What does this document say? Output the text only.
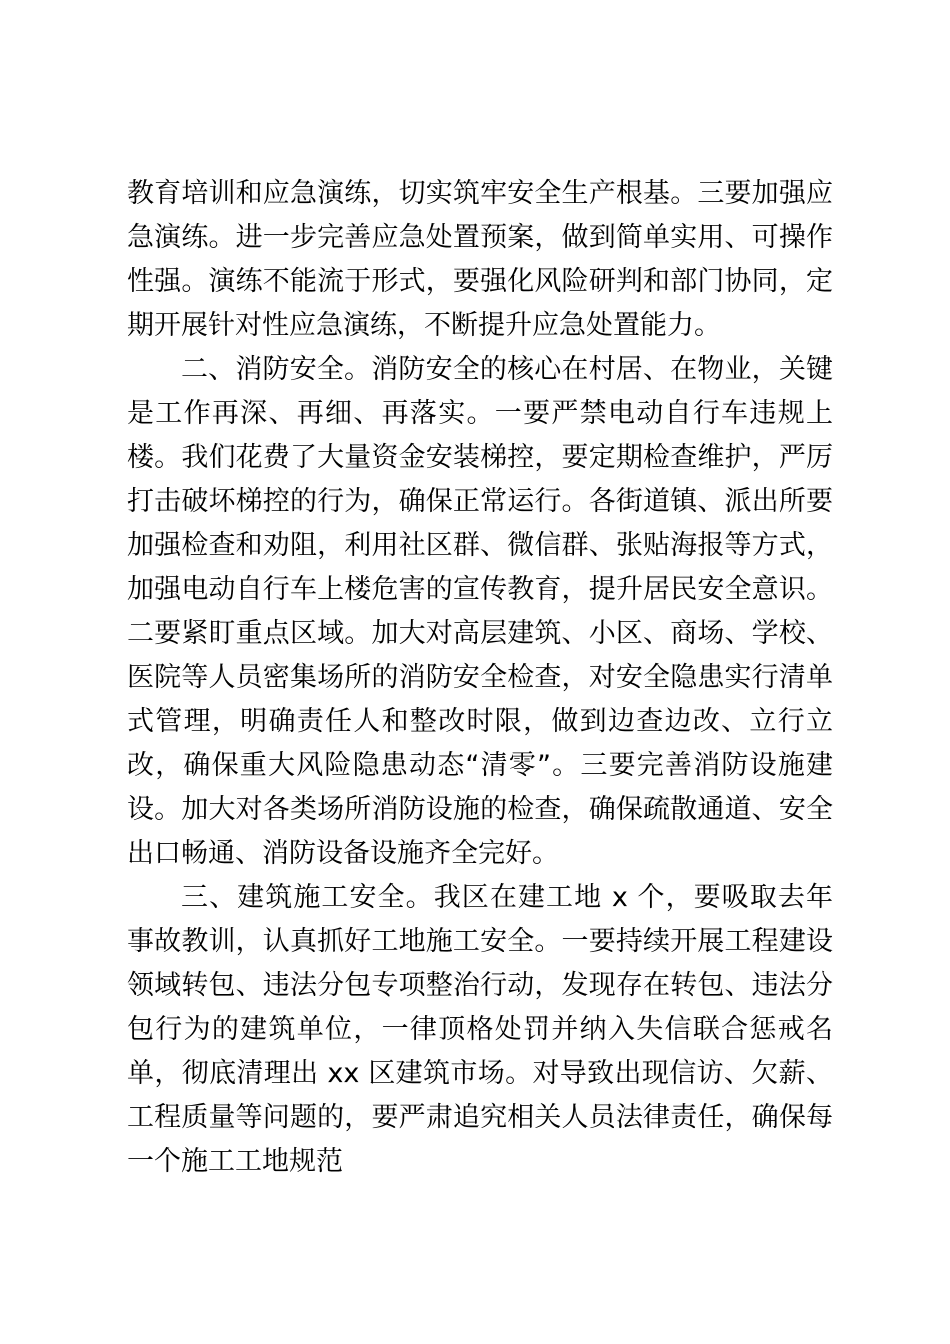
教育培训和应急演练，切实筑牢安全生产根基。三要加强应急演练。进一步完善应急处置预案，做到简单实用、可操作性强。演练不能流于形式，要强化风险研判和部门协同，定期开展针对性应急演练，不断提升应急处置能力。

二、消防安全。消防安全的核心在村居、在物业，关键是工作再深、再细、再落实。一要严禁电动自行车违规上楼。我们花费了大量资金安装梯控，要定期检查维护，严厉打击破坏梯控的行为，确保正常运行。各街道镇、派出所要加强检查和劝阻，利用社区群、微信群、张贴海报等方式，加强电动自行车上楼危害的宣传教育，提升居民安全意识。二要紧盯重点区域。加大对高层建筑、小区、商场、学校、医院等人员密集场所的消防安全检查，对安全隐患实行清单式管理，明确责任人和整改时限，做到边查边改、立行立改，确保重大风险隐患动态“清零”。三要完善消防设施建设。加大对各类场所消防设施的检查，确保疏散通道、安全出口畅通、消防设备设施齐全完好。

三、建筑施工安全。我区在建工地 x 个，要吸取去年事故教训，认真抓好工地施工安全。一要持续开展工程建设领域转包、违法分包专项整治行动，发现存在转包、违法分包行为的建筑单位，一律顶格处罚并纳入失信联合惩戒名单，彻底清理出 xx 区建筑市场。对导致出现信访、欠薪、工程质量等问题的，要严肃追究相关人员法律责任，确保每一个施工工地规范
